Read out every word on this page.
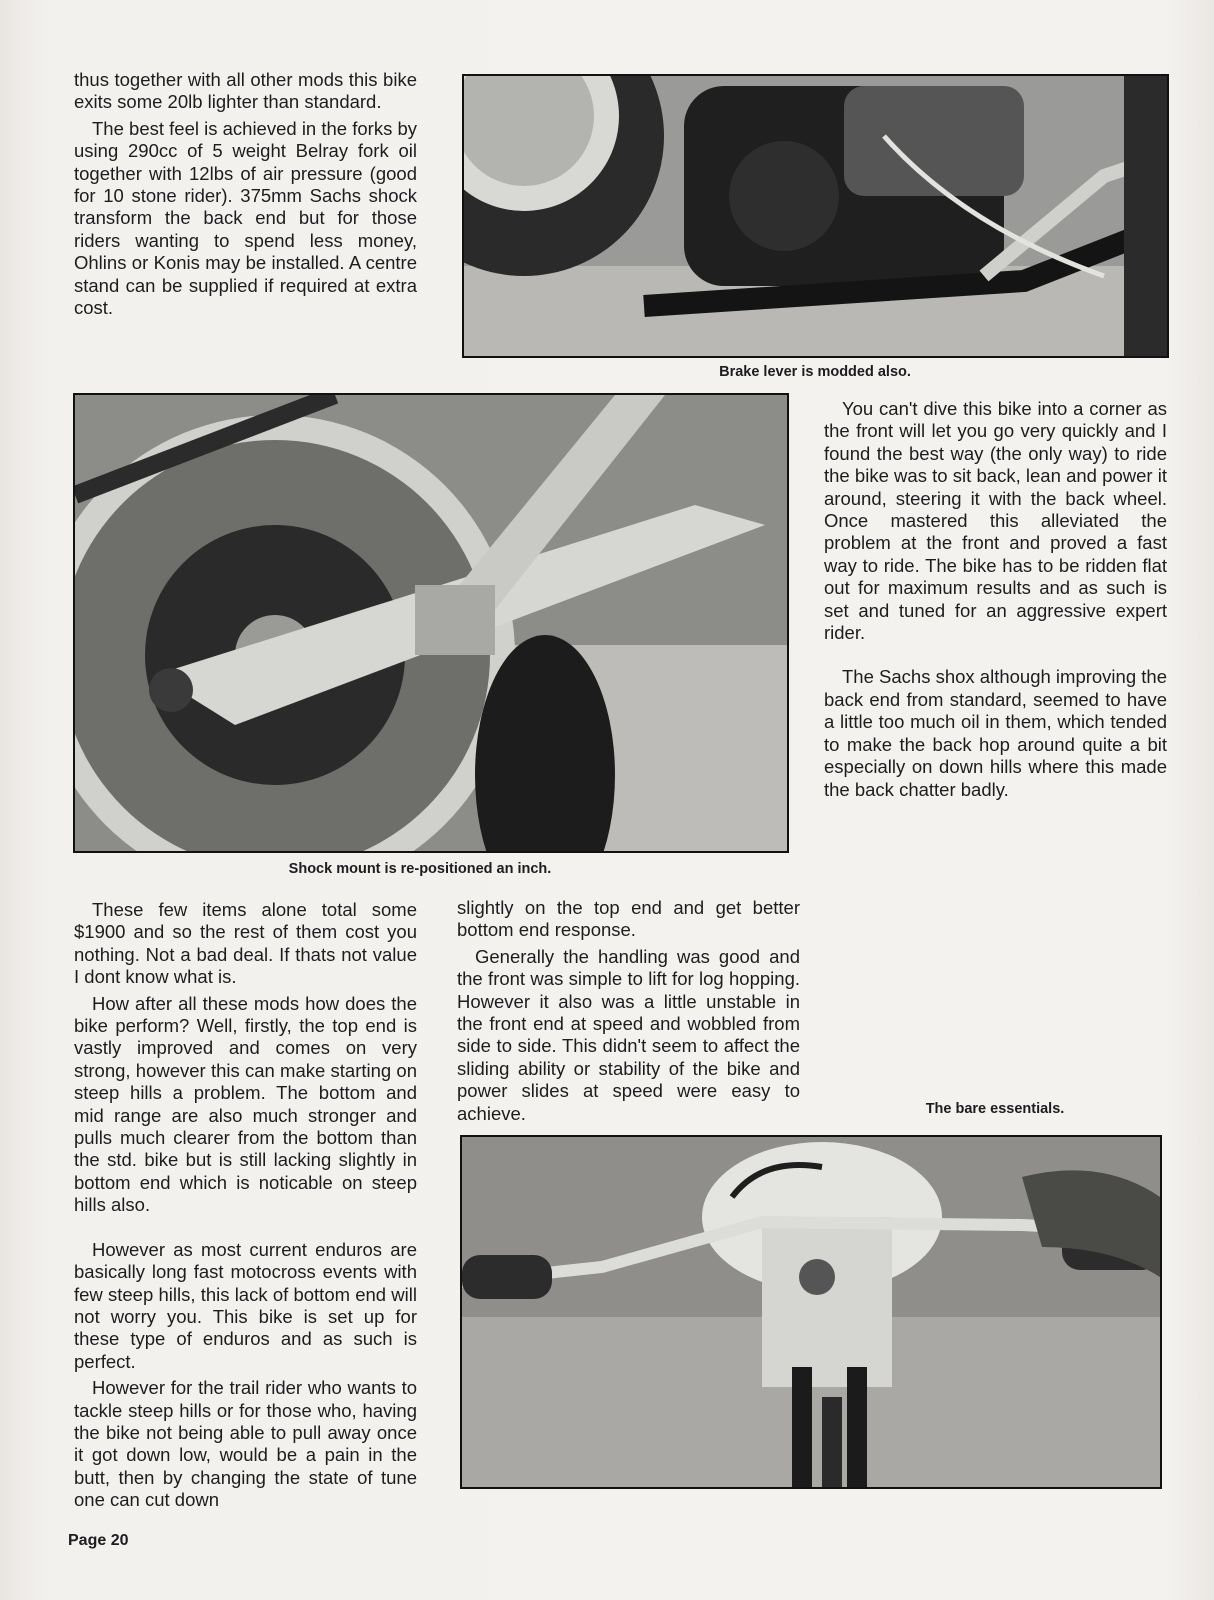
thus together with all other mods this bike exits some 20lb lighter than standard.

The best feel is achieved in the forks by using 290cc of 5 weight Belray fork oil together with 12lbs of air pressure (good for 10 stone rider). 375mm Sachs shock transform the back end but for those riders wanting to spend less money, Ohlins or Konis may be installed. A centre stand can be supplied if required at extra cost.

Brake lever is modded also.

Shock mount is re-positioned an inch.

You can't dive this bike into a corner as the front will let you go very quickly and I found the best way (the only way) to ride the bike was to sit back, lean and power it around, steering it with the back wheel. Once mastered this alleviated the problem at the front and proved a fast way to ride. The bike has to be ridden flat out for maximum results and as such is set and tuned for an aggressive expert rider.

The Sachs shox although improving the back end from standard, seemed to have a little too much oil in them, which tended to make the back hop around quite a bit especially on down hills where this made the back chatter badly.

These few items alone total some $1900 and so the rest of them cost you nothing. Not a bad deal. If thats not value I dont know what is.

How after all these mods how does the bike perform? Well, firstly, the top end is vastly improved and comes on very strong, however this can make starting on steep hills a problem. The bottom and mid range are also much stronger and pulls much clearer from the bottom than the std. bike but is still lacking slightly in bottom end which is noticable on steep hills also.

However as most current enduros are basically long fast motocross events with few steep hills, this lack of bottom end will not worry you. This bike is set up for these type of enduros and as such is perfect.

However for the trail rider who wants to tackle steep hills or for those who, having the bike not being able to pull away once it got down low, would be a pain in the butt, then by changing the state of tune one can cut down

slightly on the top end and get better bottom end response.

Generally the handling was good and the front was simple to lift for log hopping. However it also was a little unstable in the front end at speed and wobbled from side to side. This didn't seem to affect the sliding ability or stability of the bike and power slides at speed were easy to achieve.	The bare essentials.

Page 20
